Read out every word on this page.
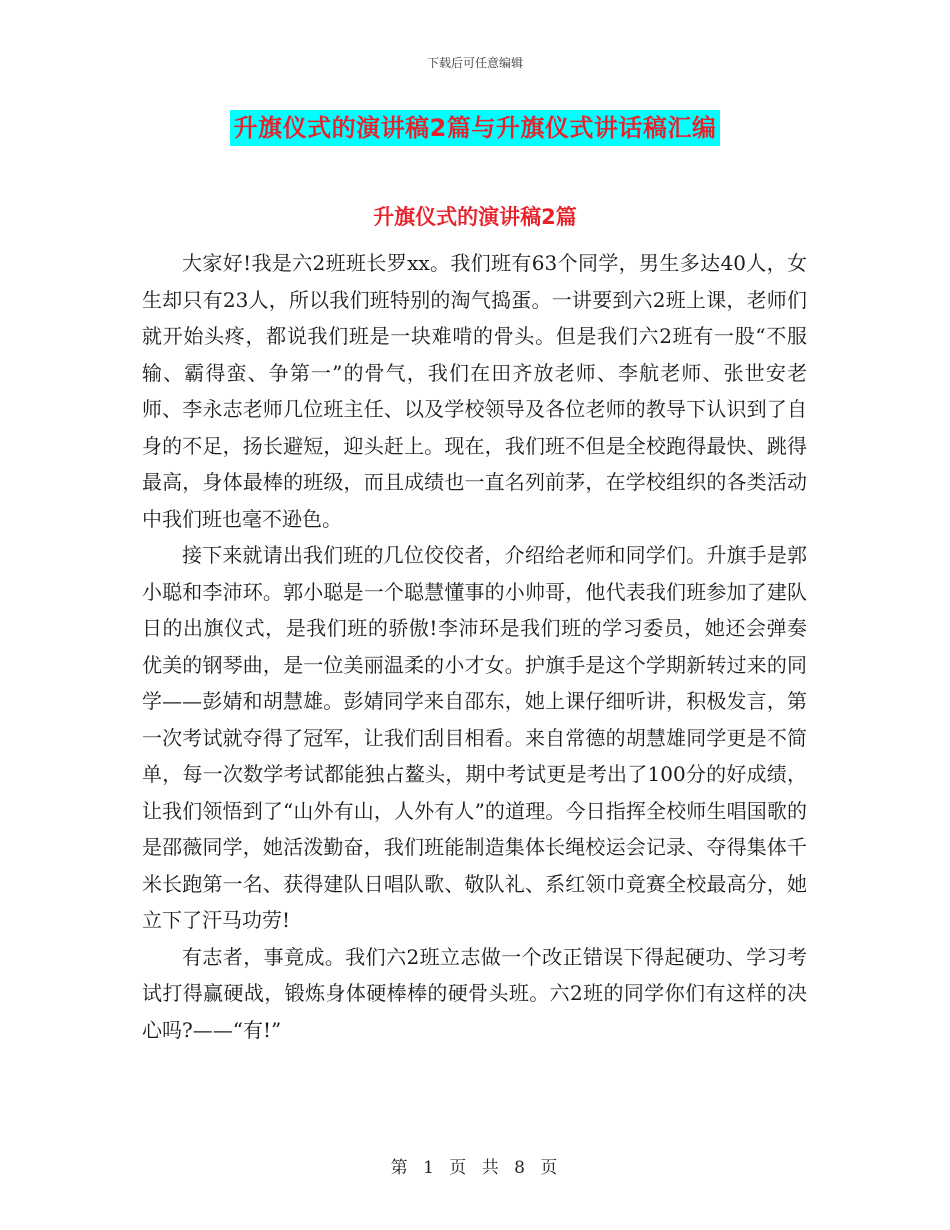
下载后可任意编辑
升旗仪式的演讲稿2篇与升旗仪式讲话稿汇编
升旗仪式的演讲稿2篇

大家好!我是六2班班长罗xx。我们班有63个同学，男生多达40人，女生却只有23人，所以我们班特别的淘气捣蛋。一讲要到六2班上课，老师们就开始头疼，都说我们班是一块难啃的骨头。但是我们六2班有一股“不服输、霸得蛮、争第一”的骨气，我们在田齐放老师、李航老师、张世安老师、李永志老师几位班主任、以及学校领导及各位老师的教导下认识到了自身的不足，扬长避短，迎头赶上。现在，我们班不但是全校跑得最快、跳得最高，身体最棒的班级，而且成绩也一直名列前茅，在学校组织的各类活动中我们班也毫不逊色。

接下来就请出我们班的几位佼佼者，介绍给老师和同学们。升旗手是郭小聪和李沛环。郭小聪是一个聪慧懂事的小帅哥，他代表我们班参加了建队日的出旗仪式，是我们班的骄傲!李沛环是我们班的学习委员，她还会弹奏优美的钢琴曲，是一位美丽温柔的小才女。护旗手是这个学期新转过来的同学——彭婧和胡慧雄。彭婧同学来自邵东，她上课仔细听讲，积极发言，第一次考试就夺得了冠军，让我们刮目相看。来自常德的胡慧雄同学更是不简单，每一次数学考试都能独占鳌头，期中考试更是考出了100分的好成绩，让我们领悟到了“山外有山，人外有人”的道理。今日指挥全校师生唱国歌的是邵薇同学，她活泼勤奋，我们班能制造集体长绳校运会记录、夺得集体千米长跑第一名、获得建队日唱队歌、敬队礼、系红领巾竟赛全校最高分，她立下了汗马功劳!

有志者，事竟成。我们六2班立志做一个改正错误下得起硬功、学习考试打得赢硬战，锻炼身体硬棒棒的硬骨头班。六2班的同学你们有这样的决心吗?——“有!”

第 1 页 共 8 页
